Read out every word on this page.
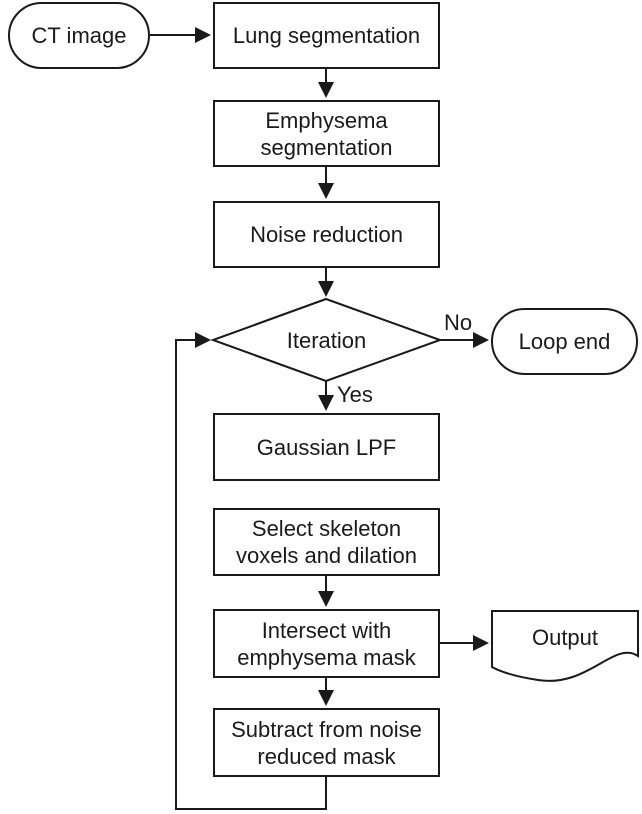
CT image	Lung segmentation
Emphysema
segmentation
Noise reduction
Iteration
No
Yes
Loop end
Gaussian LPF
Select skeleton
voxels and dilation
Intersect with
emphysema mask
Output
Subtract from noise
reduced mask
